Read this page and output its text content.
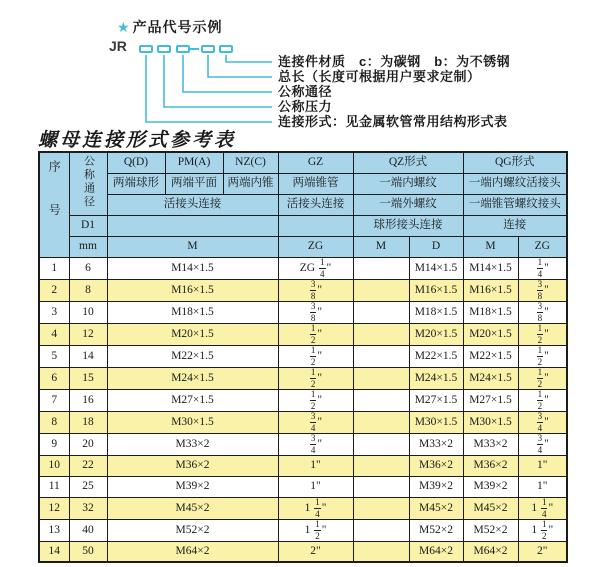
★ 产品代号示例
JR
连接件材质　c：为碳钢　b：为不锈钢
总长（长度可根据用户要求定制）
公称通径
公称压力
连接形式：见金属软管常用结构形式表
螺母连接形式参考表
序号	公称通径	Q(D)	PM(A)	NZ(C)	GZ	QZ形式		QG形式	
		两端球形	两端平面	两端内锥	两端锥管	一端内螺纹		一端内螺纹活接头	
		活接头连接			活接头连接	一端外螺纹		一端锥管螺纹接头	
	D1					球形接头连接		连接	
	mm	M			ZG	M	D	M	ZG
1	6	M14×1.5			ZG $\frac{1}{4}$ "		M14×1.5	M14×1.5	$\frac{1}{4}$ "
2	8	M16×1.5			$\frac{3}{8}$ "		M16×1.5	M16×1.5	$\frac{3}{8}$ "
3	10	M18×1.5			$\frac{3}{8}$ "		M18×1.5	M18×1.5	$\frac{3}{8}$ "
4	12	M20×1.5			$\frac{1}{2}$ "		M20×1.5	M20×1.5	$\frac{1}{2}$ "
5	14	M22×1.5			$\frac{1}{2}$ "		M22×1.5	M22×1.5	$\frac{1}{2}$ "
6	15	M24×1.5			$\frac{1}{2}$ "		M24×1.5	M24×1.5	$\frac{1}{2}$ "
7	16	M27×1.5			$\frac{1}{2}$ "		M27×1.5	M27×1.5	$\frac{1}{2}$ "
8	18	M30×1.5			$\frac{3}{4}$ "		M30×1.5	M30×1.5	$\frac{3}{4}$ "
9	20	M33×2			$\frac{3}{4}$ "		M33×2	M33×2	$\frac{3}{4}$ "
10	22	M36×2			1"		M36×2	M36×2	1"
11	25	M39×2			1"		M39×2	M39×2	1"
12	32	M45×2			$1 \frac{1}{4}$ "		M45×2	M45×2	$1 \frac{1}{4}$ "
13	40	M52×2			$1 \frac{1}{2}$ "		M52×2	M52×2	$1 \frac{1}{2}$ "
14	50	M64×2			2"		M64×2	M64×2	2"
